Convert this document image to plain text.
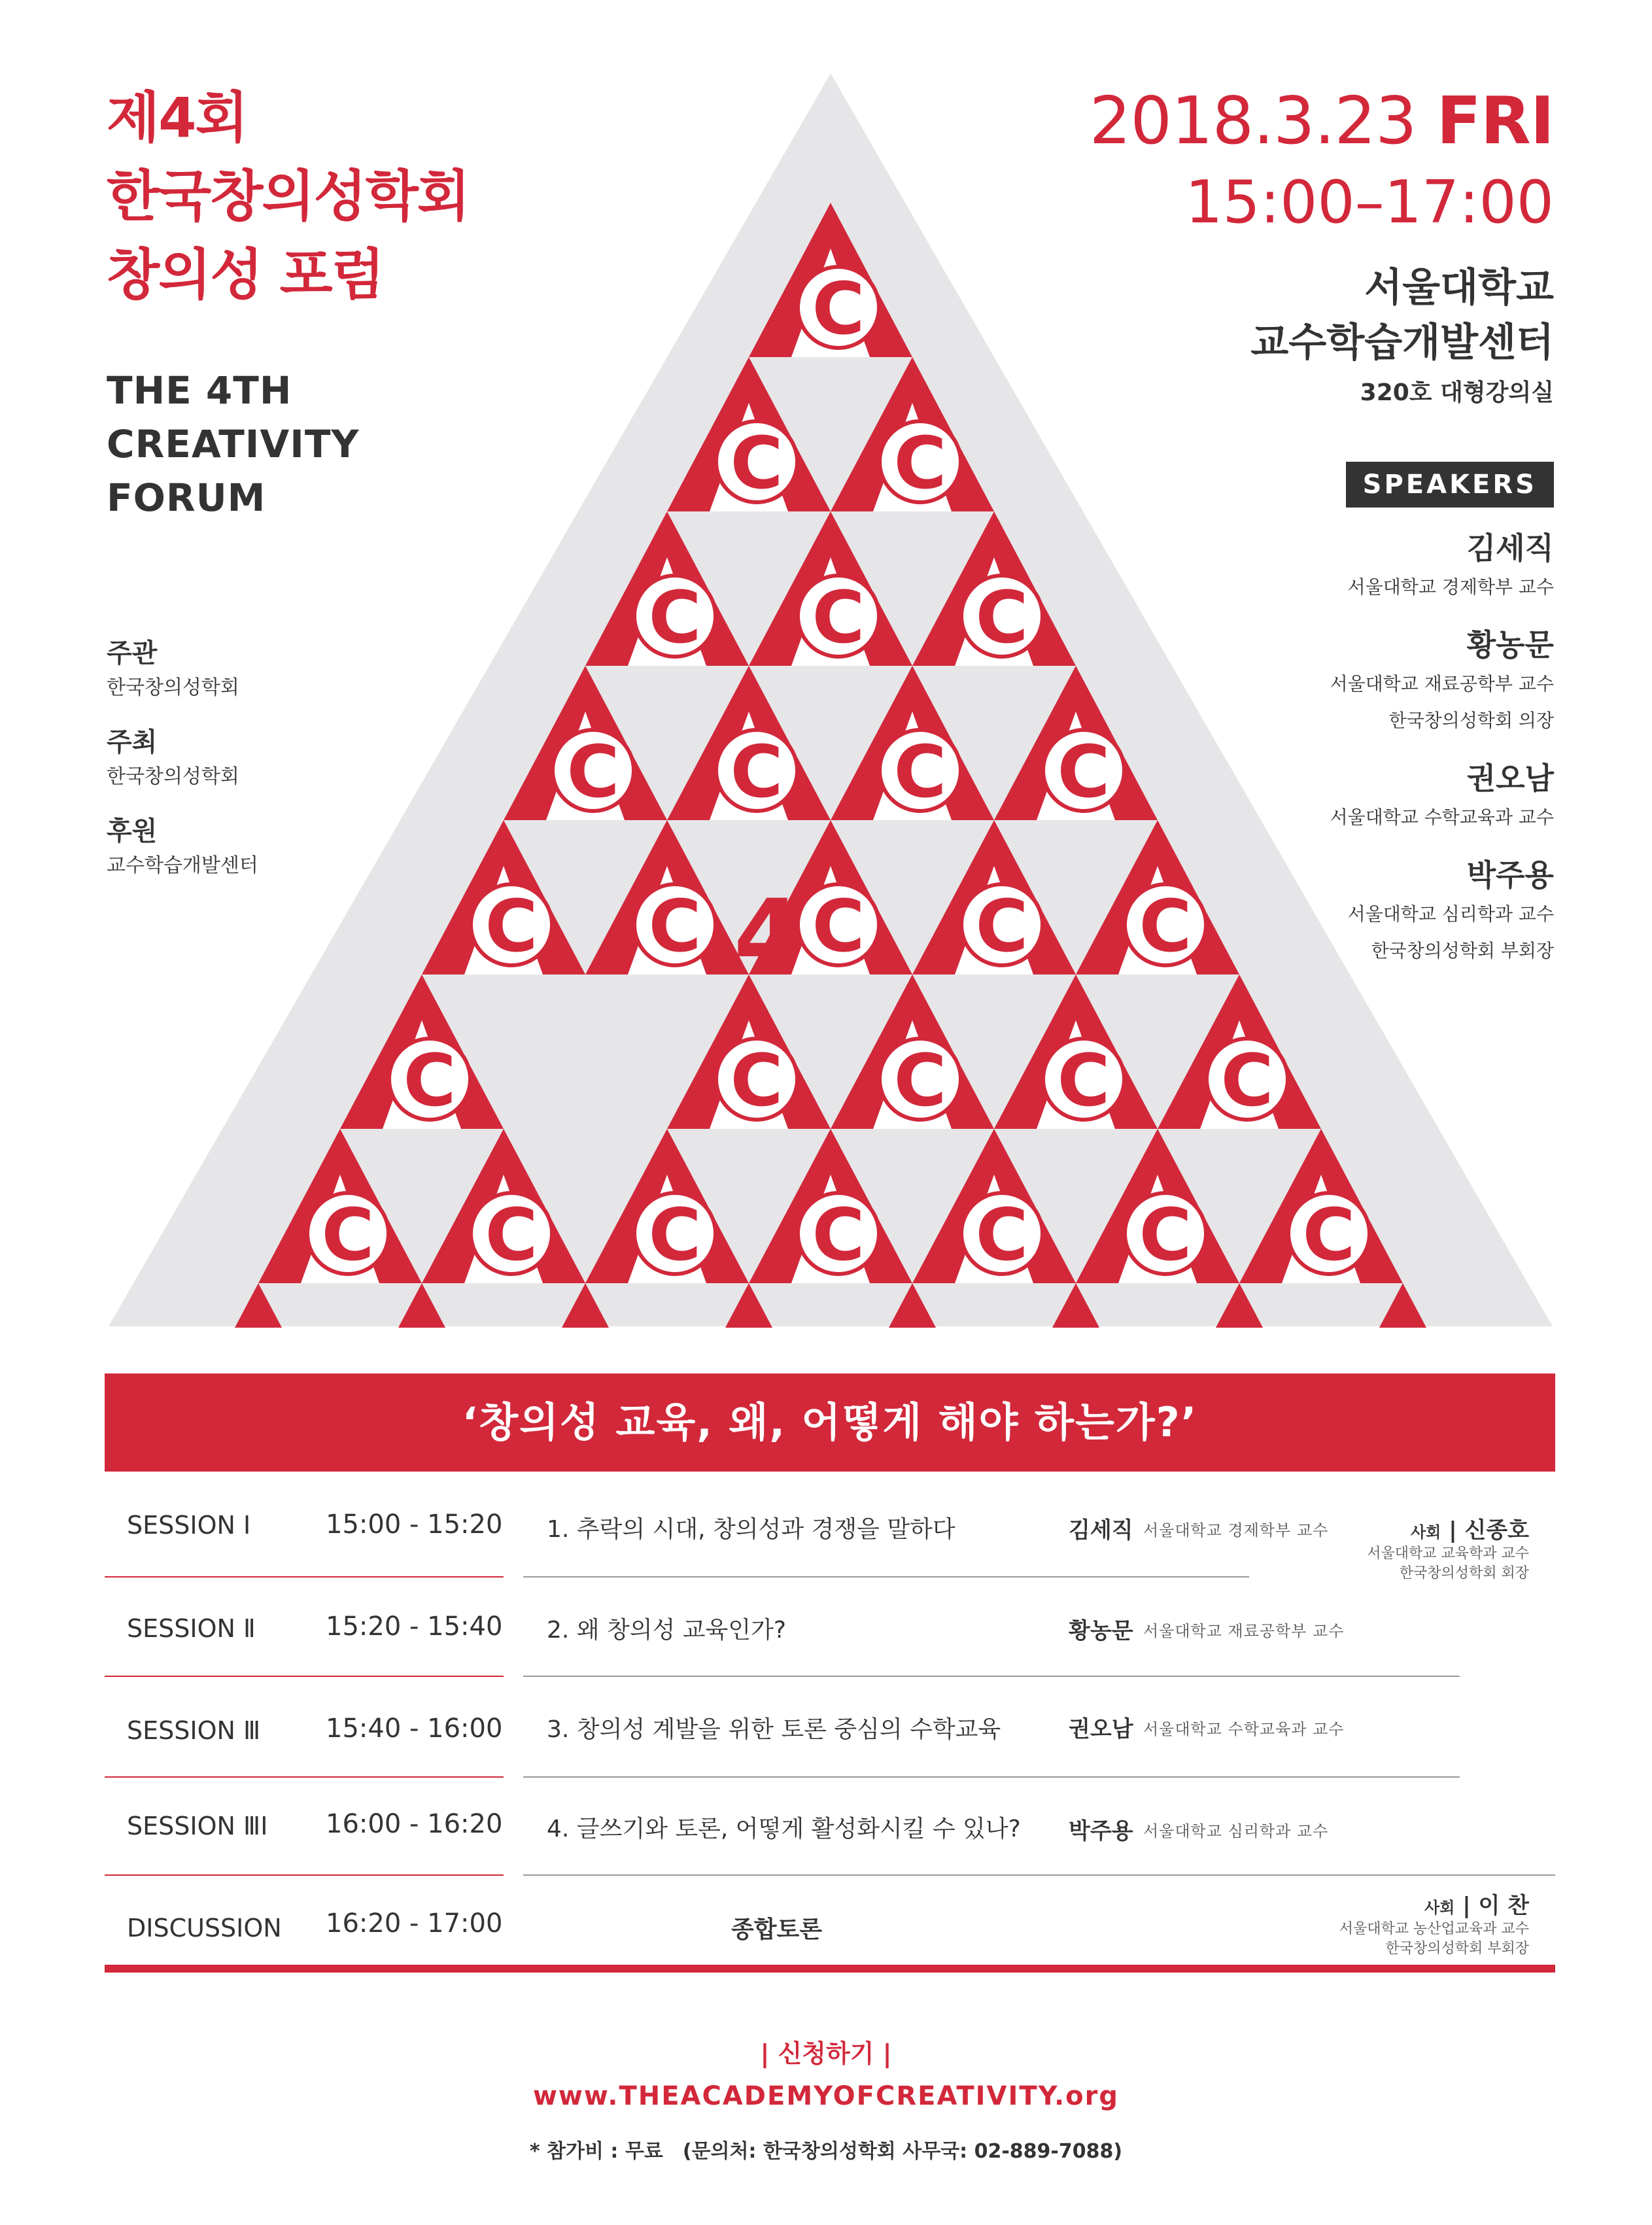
제4회
한국창의성학회
창의성 포럼
THE 4TH
CREATIVITY
FORUM
C
C C
C C C
C C C C
C C C C C
C	C C C C
C C C C C C C
4
2018.3.23 FRI
15:00–17:00
서울대학교
교수학습개발센터
320호 대형강의실
SPEAKERS
김세직
서울대학교 경제학부 교수
황농문
서울대학교 재료공학부 교수
한국창의성학회 의장
권오남
서울대학교 수학교육과 교수
박주용
서울대학교 심리학과 교수
한국창의성학회 부회장
주관
한국창의성학회
주최
한국창의성학회
후원
교수학습개발센터
‘창의성 교육, 왜, 어떻게 해야 하는가?’
SESSION Ⅰ	15:00 - 15:20 1. 추락의 시대, 창의성과 경쟁을 말하다	김세직 서울대학교 경제학부 교수
SESSION Ⅱ	15:20 - 15:40 2. 왜 창의성 교육인가?	황농문 서울대학교 재료공학부 교수
SESSION Ⅲ 15:40 - 16:00 3. 창의성 계발을 위한 토론 중심의 수학교육	권오남 서울대학교 수학교육과 교수
SESSION ⅢI 16:00 - 16:20 4. 글쓰기와 토론, 어떻게 활성화시킬 수 있나? 박주용 서울대학교 심리학과 교수
DISCUSSION 16:20 - 17:00	종합토론
사회 | 신종호
서울대학교 교육학과 교수
한국창의성학회 회장
사회 | 이 찬
서울대학교 농산업교육과 교수
한국창의성학회 부회장
| 신청하기 |
www.THEACADEMYOFCREATIVITY.org
* 참가비 : 무료　(문의처: 한국창의성학회 사무국: 02-889-7088)
